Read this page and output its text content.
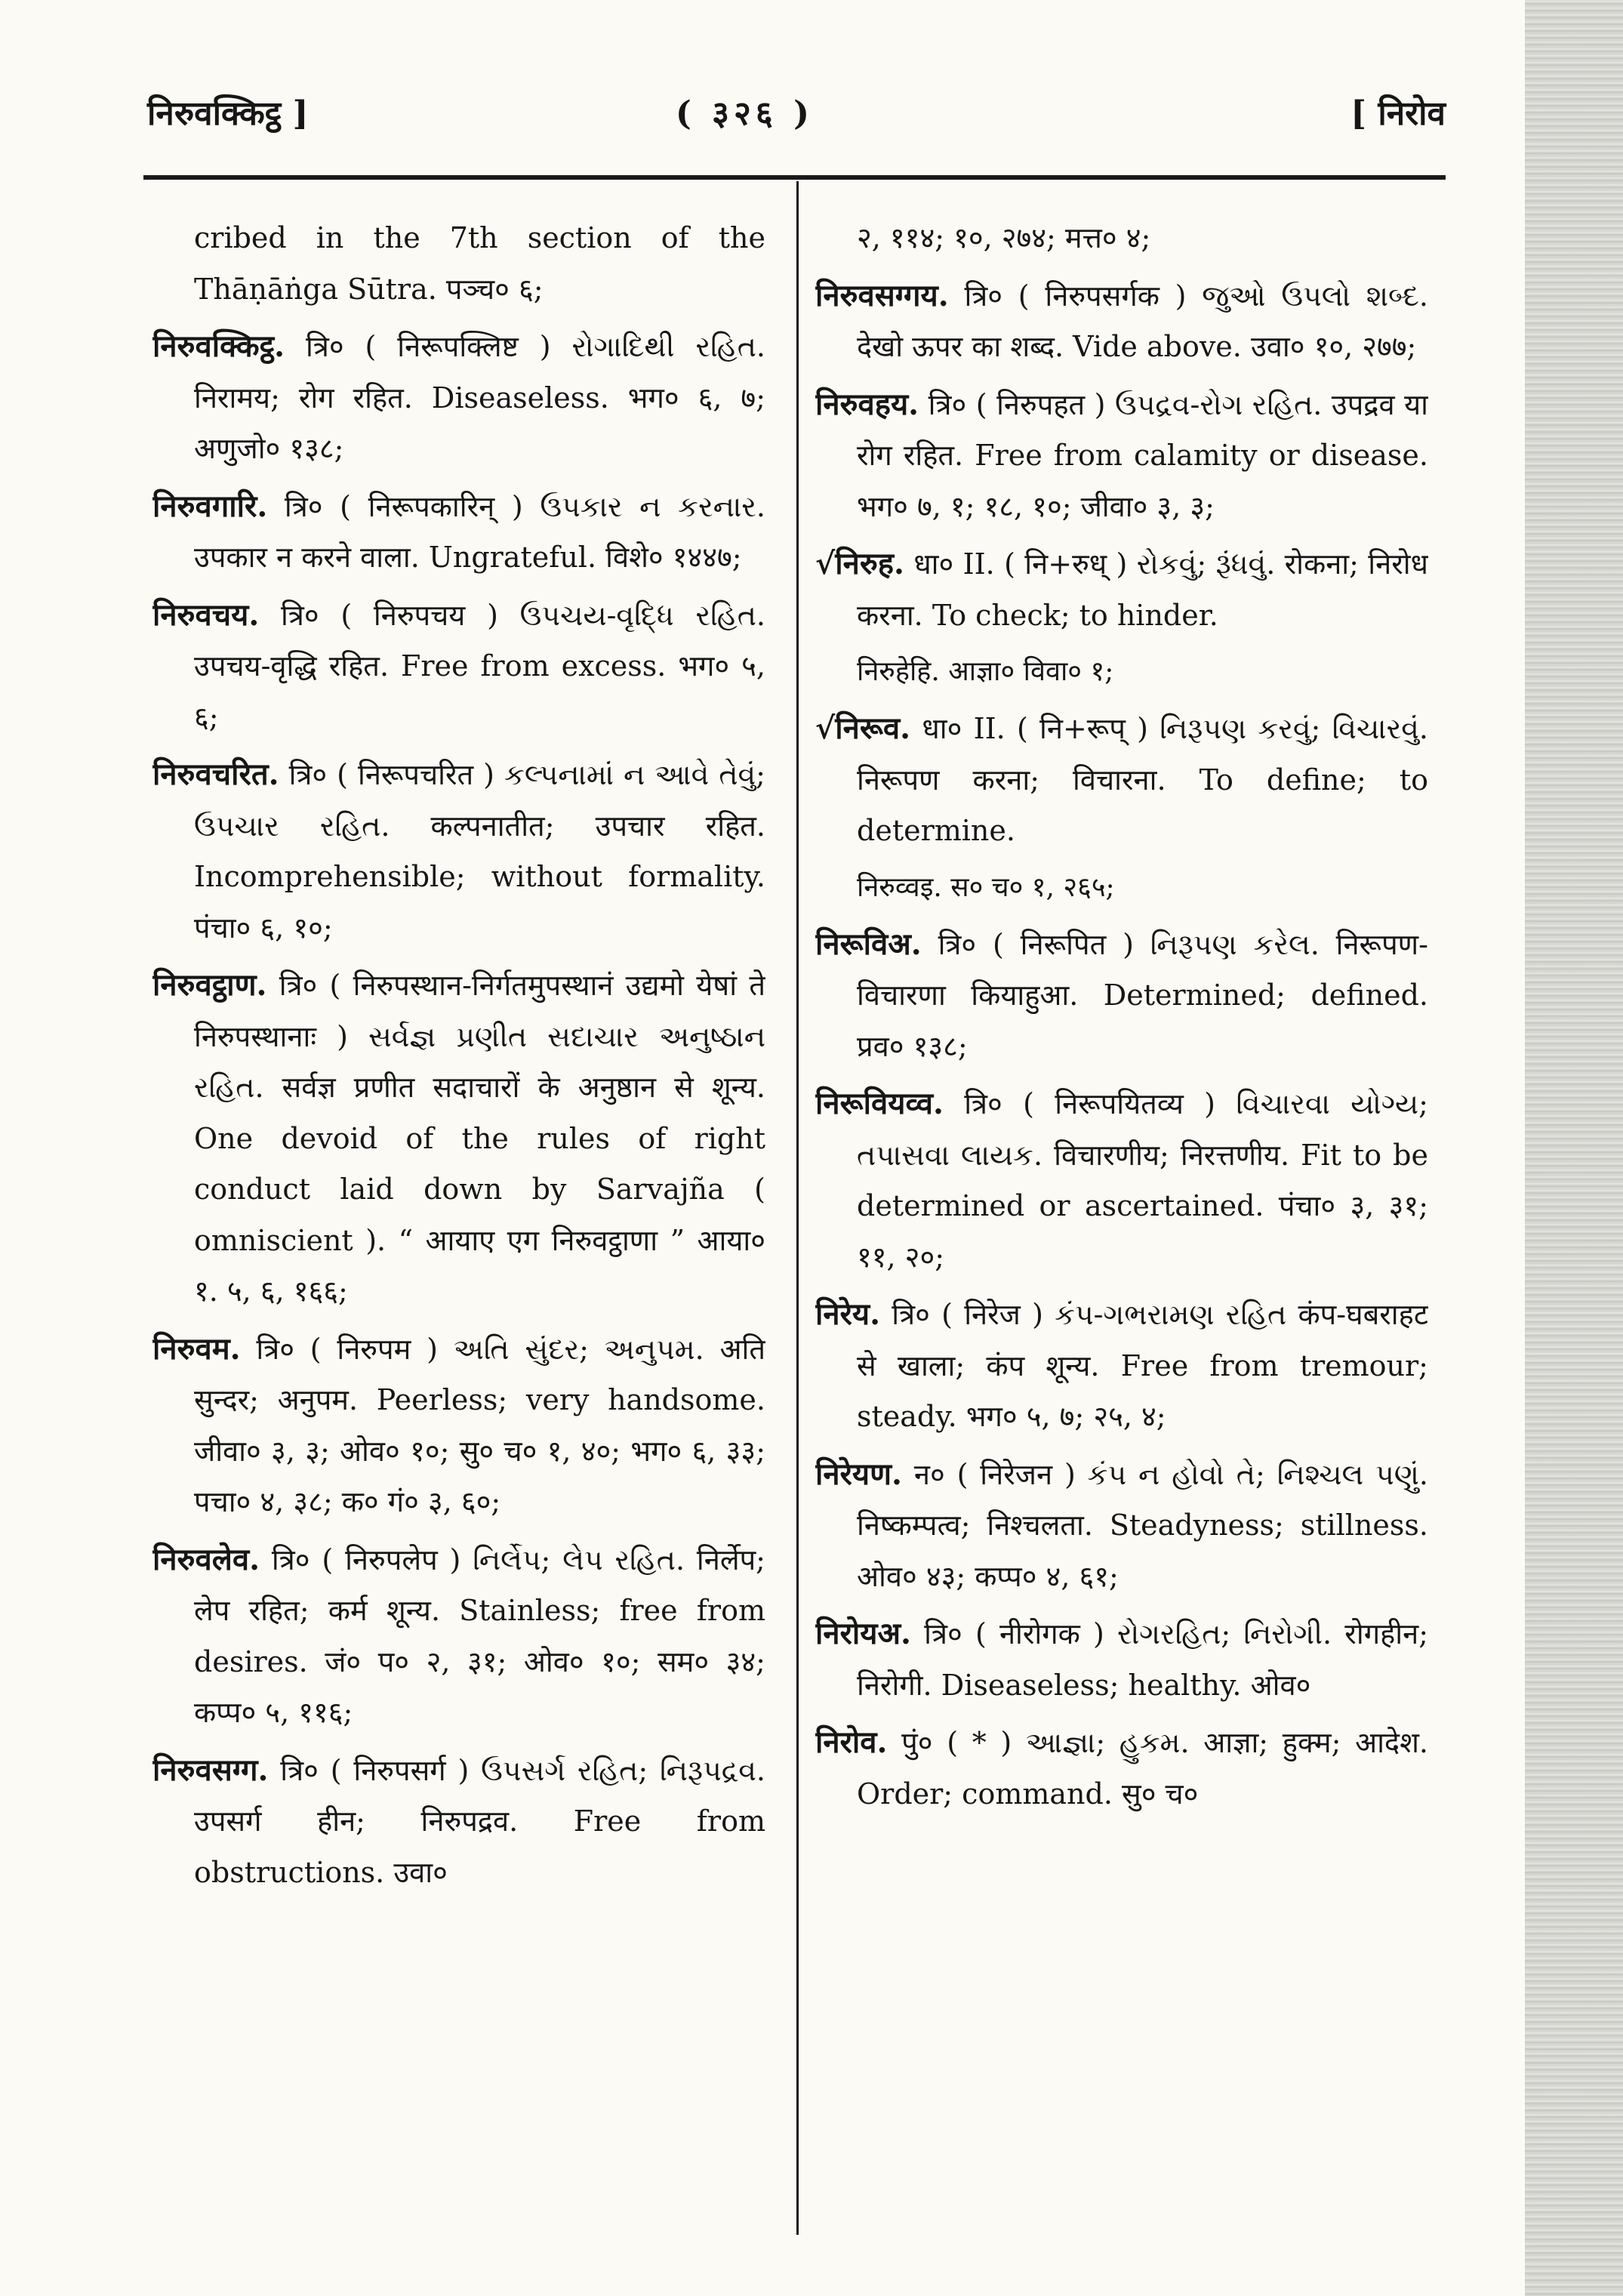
निरुवक्किट्ठ ]	( ३२६ )	[ निरोव

cribed in the 7th section of the Thāṇāṅga Sūtra. पञ्च० ६;

निरुवक्किट्ठ. त्रि० ( निरूपक्लिष्ट ) રોગાદિથી રહિત. निरामय; रोग रहित. Diseaseless. भग० ६, ७; अणुजो० १३८;

निरुवगारि. त्रि० ( निरूपकारिन् ) ઉપકાર ન કરનાર. उपकार न करने वाला. Ungrateful. विशे० १४४७;

निरुवचय. त्रि० ( निरुपचय ) ઉપચય-વૃદ્ધિ રહિત. उपचय-वृद्धि रहित. Free from excess. भग० ५, ६;

निरुवचरित. त्रि० ( निरूपचरित ) કલ્પનામાં ન આવે તેવું; ઉપચાર રહિત. कल्पनातीत; उपचार रहित. Incomprehensible; without formality. पंचा० ६, १०;

निरुवट्ठाण. त्रि० ( निरुपस्थान-निर्गतमुपस्थानं उद्यमो येषां ते निरुपस्थानाः ) સર્વજ્ઞ પ્રણીત સદાચાર અનુષ્ઠાન રહિત. सर्वज्ञ प्रणीत सदाचारों के अनुष्ठान से शून्य. One devoid of the rules of right conduct laid down by Sarvajña ( omniscient ). “ आयाए एग निरुवट्ठाणा ” आया० १. ५, ६, १६६;

निरुवम. त्रि० ( निरुपम ) અતિ સુંદર; અનુપમ. अति सुन्दर; अनुपम. Peerless; very handsome. जीवा० ३, ३; ओव० १०; सु० च० १, ४०; भग० ६, ३३; पचा० ४, ३८; क० गं० ३, ६०;

निरुवलेव. त्रि० ( निरुपलेप ) નિર્લેપ; લેપ રહિત. निर्लेप; लेप रहित; कर्म शून्य. Stainless; free from desires. जं० प० २, ३१; ओव० १०; सम० ३४; कप्प० ५, ११६;

निरुवसग्ग. त्रि० ( निरुपसर्ग ) ઉપસર્ગ રહિત; નિરૂપદ્રવ. उपसर्ग हीन; निरुपद्रव. Free from obstructions. उवा०

२, ११४; १०, २७४; मत्त० ४;

निरुवसग्गय. त्रि० ( निरुपसर्गक ) જુઓ ઉપલો શબ્દ. देखो ऊपर का शब्द. Vide above. उवा० १०, २७७;

निरुवहय. त्रि० ( निरुपहत ) ઉપદ્રવ-રોગ રહિત. उपद्रव या रोग रहित. Free from calamity or disease. भग० ७, १; १८, १०; जीवा० ३, ३;

√निरुह. धा० II. ( नि+रुध् ) રોકવું; રૂંધવું. रोकना; निरोध करना. To check; to hinder.

निरुहेहि. आज्ञा० विवा० १;

√निरूव. धा० II. ( नि+रूप् ) નિરૂપણ કરવું; વિચારવું. निरूपण करना; विचारना. To define; to determine.

निरुव्वइ. स० च० १, २६५;

निरूविअ. त्रि० ( निरूपित ) નિરૂપણ કરેલ. निरूपण-विचारणा कियाहुआ. Determined; defined. प्रव० १३८;

निरूवियव्व. त्रि० ( निरूपयितव्य ) વિચારવા યોગ્ય; તપાસવા લાયક. विचारणीय; निरत्तणीय. Fit to be determined or ascertained. पंचा० ३, ३१; ११, २०;

निरेय. त्रि० ( निरेज ) કંપ-ગભરામણ રહિત कंप-घबराहट से खाला; कंप शून्य. Free from tremour; steady. भग० ५, ७; २५, ४;

निरेयण. न० ( निरेजन ) કંપ ન હોવો તે; નિશ્ચલ પણું. निष्कम्पत्व; निश्चलता. Steadyness; stillness. ओव० ४३; कप्प० ४, ६१;

निरोयअ. त्रि० ( नीरोगक ) રોગરહિત; નિરોગી. रोगहीन; निरोगी. Diseaseless; healthy. ओव०

निरोव. पुं० ( * ) આજ્ઞા; હુકમ. आज्ञा; हुक्म; आदेश. Order; command. सु० च०
